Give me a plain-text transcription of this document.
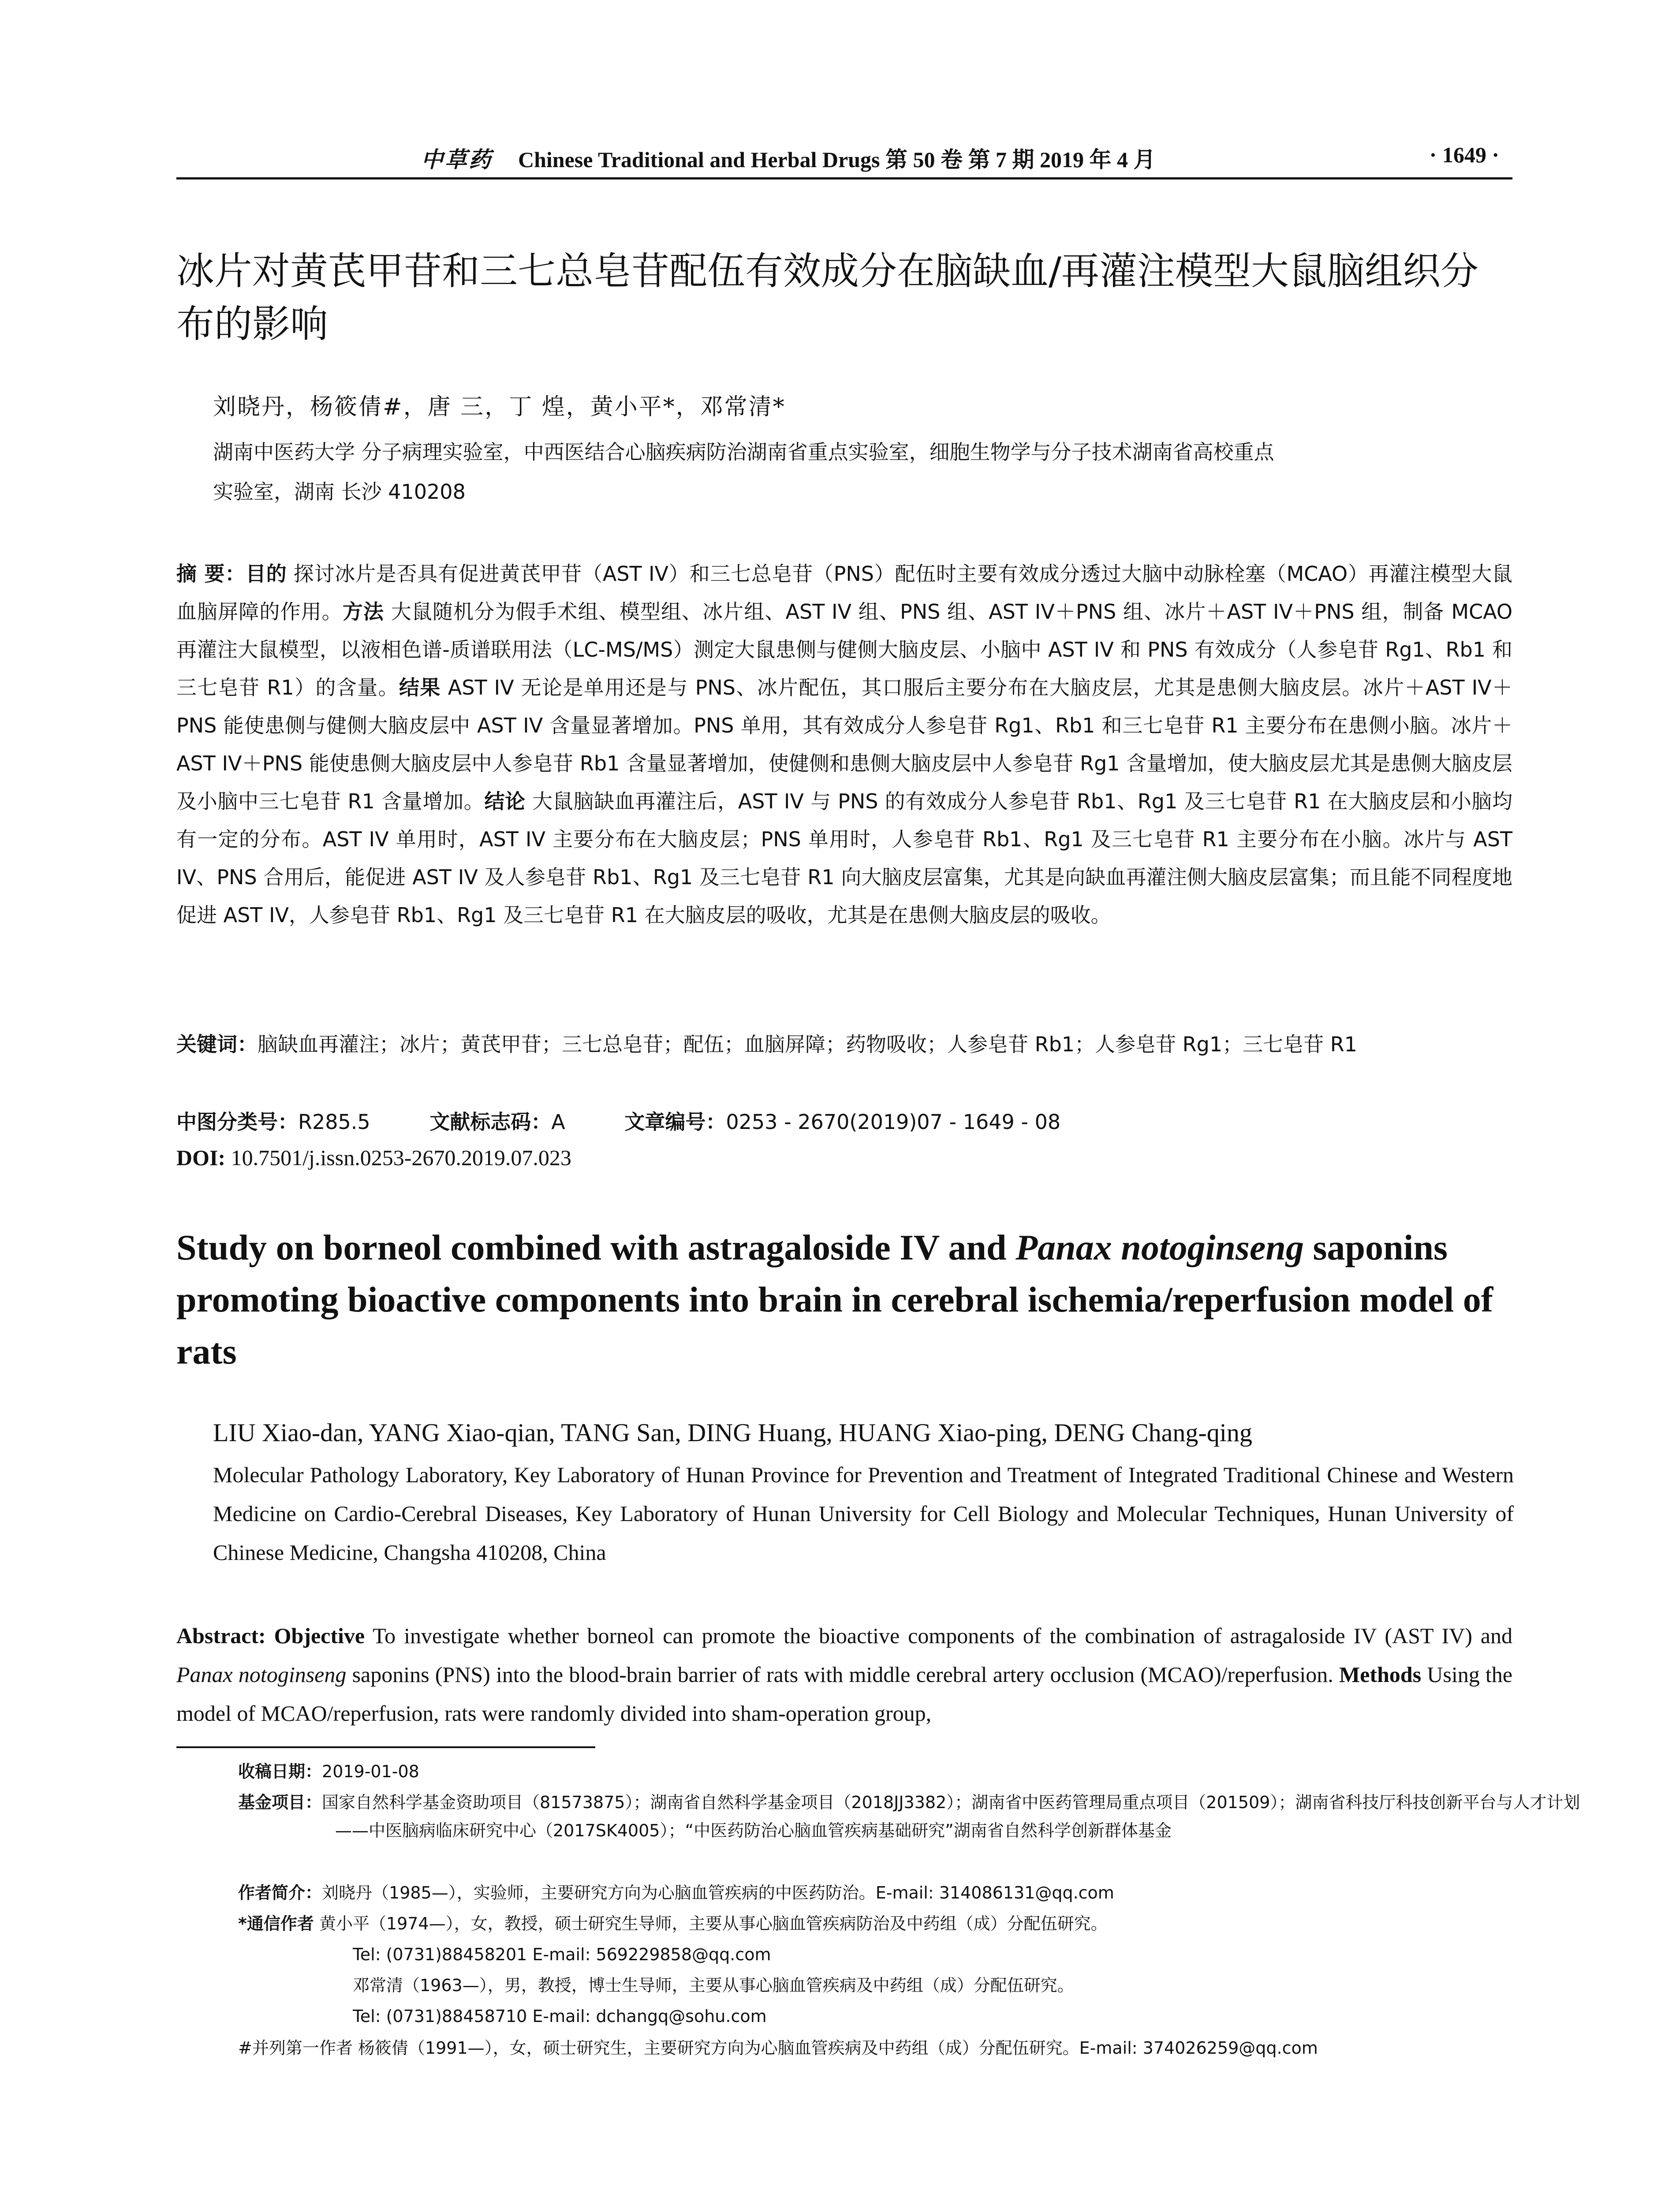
中草药 Chinese Traditional and Herbal Drugs 第 50 卷 第 7 期 2019 年 4 月	· 1649 ·
冰片对黄芪甲苷和三七总皂苷配伍有效成分在脑缺血/再灌注模型大鼠脑组织分布的影响
刘晓丹，杨筱倩#，唐 三，丁 煌，黄小平*，邓常清*
湖南中医药大学 分子病理实验室，中西医结合心脑疾病防治湖南省重点实验室，细胞生物学与分子技术湖南省高校重点
实验室，湖南 长沙 410208
摘 要：目的 探讨冰片是否具有促进黄芪甲苷（AST IV）和三七总皂苷（PNS）配伍时主要有效成分透过大脑中动脉栓塞（MCAO）再灌注模型大鼠血脑屏障的作用。方法 大鼠随机分为假手术组、模型组、冰片组、AST IV 组、PNS 组、AST IV＋PNS 组、冰片＋AST IV＋PNS 组，制备 MCAO 再灌注大鼠模型，以液相色谱-质谱联用法（LC-MS/MS）测定大鼠患侧与健侧大脑皮层、小脑中 AST IV 和 PNS 有效成分（人参皂苷 Rg1、Rb1 和三七皂苷 R1）的含量。结果 AST IV 无论是单用还是与 PNS、冰片配伍，其口服后主要分布在大脑皮层，尤其是患侧大脑皮层。冰片＋AST IV＋PNS 能使患侧与健侧大脑皮层中 AST IV 含量显著增加。PNS 单用，其有效成分人参皂苷 Rg1、Rb1 和三七皂苷 R1 主要分布在患侧小脑。冰片＋AST IV＋PNS 能使患侧大脑皮层中人参皂苷 Rb1 含量显著增加，使健侧和患侧大脑皮层中人参皂苷 Rg1 含量增加，使大脑皮层尤其是患侧大脑皮层及小脑中三七皂苷 R1 含量增加。结论 大鼠脑缺血再灌注后，AST IV 与 PNS 的有效成分人参皂苷 Rb1、Rg1 及三七皂苷 R1 在大脑皮层和小脑均有一定的分布。AST IV 单用时，AST IV 主要分布在大脑皮层；PNS 单用时，人参皂苷 Rb1、Rg1 及三七皂苷 R1 主要分布在小脑。冰片与 AST IV、PNS 合用后，能促进 AST IV 及人参皂苷 Rb1、Rg1 及三七皂苷 R1 向大脑皮层富集，尤其是向缺血再灌注侧大脑皮层富集；而且能不同程度地促进 AST IV，人参皂苷 Rb1、Rg1 及三七皂苷 R1 在大脑皮层的吸收，尤其是在患侧大脑皮层的吸收。
关键词：脑缺血再灌注；冰片；黄芪甲苷；三七总皂苷；配伍；血脑屏障；药物吸收；人参皂苷 Rb1；人参皂苷 Rg1；三七皂苷 R1
中图分类号：R285.5	文献标志码：A	文章编号：0253 - 2670(2019)07 - 1649 - 08
DOI: 10.7501/j.issn.0253-2670.2019.07.023
Study on borneol combined with astragaloside IV and Panax notoginseng saponins promoting bioactive components into brain in cerebral ischemia/reperfusion model of rats
LIU Xiao-dan, YANG Xiao-qian, TANG San, DING Huang, HUANG Xiao-ping, DENG Chang-qing
Molecular Pathology Laboratory, Key Laboratory of Hunan Province for Prevention and Treatment of Integrated Traditional Chinese and Western Medicine on Cardio-Cerebral Diseases, Key Laboratory of Hunan University for Cell Biology and Molecular Techniques, Hunan University of Chinese Medicine, Changsha 410208, China
Abstract: Objective To investigate whether borneol can promote the bioactive components of the combination of astragaloside IV (AST IV) and Panax notoginseng saponins (PNS) into the blood-brain barrier of rats with middle cerebral artery occlusion (MCAO)/reperfusion. Methods Using the model of MCAO/reperfusion, rats were randomly divided into sham-operation group,
收稿日期：2019-01-08
基金项目：国家自然科学基金资助项目（81573875）；湖南省自然科学基金项目（2018JJ3382）；湖南省中医药管理局重点项目（201509）；湖南省科技厅科技创新平台与人才计划——中医脑病临床研究中心（2017SK4005）；“中医药防治心脑血管疾病基础研究”湖南省自然科学创新群体基金
作者简介：刘晓丹（1985—），实验师，主要研究方向为心脑血管疾病的中医药防治。E-mail: 314086131@qq.com
*通信作者 黄小平（1974—），女，教授，硕士研究生导师，主要从事心脑血管疾病防治及中药组（成）分配伍研究。
Tel: (0731)88458201 E-mail: 569229858@qq.com
邓常清（1963—），男，教授，博士生导师，主要从事心脑血管疾病及中药组（成）分配伍研究。
Tel: (0731)88458710 E-mail: dchangq@sohu.com
#并列第一作者 杨筱倩（1991—），女，硕士研究生，主要研究方向为心脑血管疾病及中药组（成）分配伍研究。E-mail: 374026259@qq.com
